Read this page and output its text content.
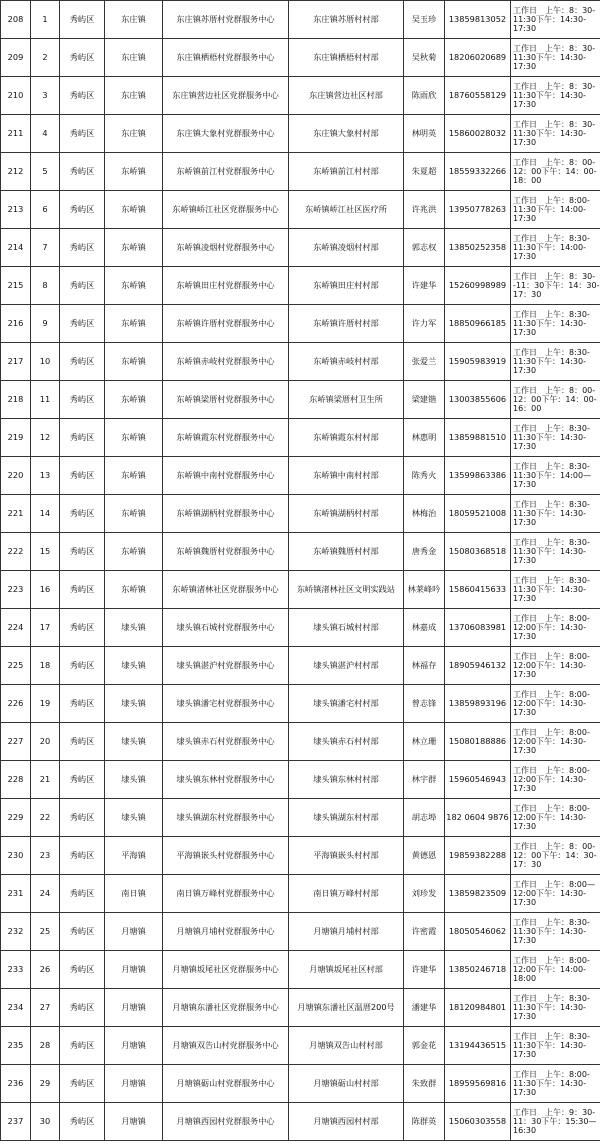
208	1	秀屿区	东庄镇	东庄镇苏厝村党群服务中心	东庄镇苏厝村村部	吴玉珍	13859813052	工作日　上午：8：30-11:30下午：14:30-17:30
209	2	秀屿区	东庄镇	东庄镇栖梧村党群服务中心	东庄镇栖梧村村部	吴秋菊	18206020689	工作日　上午：8：30-11:30下午：14:30-17:30
210	3	秀屿区	东庄镇	东庄镇营边社区党群服务中心	东庄镇营边社区村部	陈雨欣	18760558129	工作日　上午：8：30-11:30下午：14:30-17:30
211	4	秀屿区	东庄镇	东庄镇大象村党群服务中心	东庄镇大象村村部	林明英	15860028032	工作日　上午：8：30-11:30下午：14:30-17:30
212	5	秀屿区	东峤镇	东峤镇前江村党群服务中心	东峤镇前江村村部	朱夏超	18559332266	工作日　上午：8：00-12：00下午：14：00-18：00
213	6	秀屿区	东峤镇	东峤镇峤江社区党群服务中心	东峤镇峤江社区医疗所	许兆洪	13950778263	工作日　上午：8:00-11:30下午：14:00-17:30
214	7	秀屿区	东峤镇	东峤镇凌烟村党群服务中心	东峤镇凌烟村村部	郭志权	13850252358	工作日　上午：8:30-11:30下午：14:00-17:30
215	8	秀屿区	东峤镇	东峤镇田庄村党群服务中心	东峤镇田庄村村部	许建华	15260998989	工作日　上午：8：30--11：30下午：14：30-17：30
216	9	秀屿区	东峤镇	东峤镇许厝村党群服务中心	东峤镇许厝村村部	许力军	18850966185	工作日　上午：8:30-11:30下午：14:30-17:30
217	10	秀屿区	东峤镇	东峤镇赤岐村党群服务中心	东峤镇赤岐村村部	张爱兰	15905983919	工作日　上午：8:30-11:30下午：14:30-17:30
218	11	秀屿区	东峤镇	东峤镇梁厝村党群服务中心	东峤镇梁厝村卫生所	梁建锴	13003855606	工作日　上午：8：00-12：00下午：14：00-16：00
219	12	秀屿区	东峤镇	东峤镇霞东村党群服务中心	东峤镇霞东村村部	林惠明	13859881510	工作日　上午：8:30-11:30下午：14:30-17:30
220	13	秀屿区	东峤镇	东峤镇中南村党群服务中心	东峤镇中南村村部	陈秀火	13599863386	工作日　上午：8:30-11:30下午：14:00—17:30
221	14	秀屿区	东峤镇	东峤镇湖柄村党群服务中心	东峤镇湖柄村村部	林梅治	18059521008	工作日　上午：8:30-11:30下午：14:30-17:30
222	15	秀屿区	东峤镇	东峤镇魏厝村党群服务中心	东峤镇魏厝村村部	唐秀金	15080368518	工作日　上午：8:30-11:30下午：14:30-17:30
223	16	秀屿区	东峤镇	东峤镇渚林社区党群服务中心	东峤镇渚林社区文明实践站	林莱峰吟	15860415633	工作日　上午：8:30-11:30下午：14:30-17:30
224	17	秀屿区	埭头镇	埭头镇石城村党群服务中心	埭头镇石城村村部	林嘉成	13706083981	工作日　上午：8:00-12:00下午：14:30-17:30
225	18	秀屿区	埭头镇	埭头镇湛沪村党群服务中心	埭头镇湛沪村村部	林福存	18905946132	工作日　上午：8:00-12:00下午：14:30-17:30
226	19	秀屿区	埭头镇	埭头镇潘宅村党群服务中心	埭头镇潘宅村村部	曾志锋	13859893196	工作日　上午：8:00-12:00下午：14:30-17:30
227	20	秀屿区	埭头镇	埭头镇赤石村党群服务中心	埭头镇赤石村村部	林立珊	15080188886	工作日　上午：8:00-12:00下午：14:30-17:30
228	21	秀屿区	埭头镇	埭头镇东林村党群服务中心	埭头镇东林村村部	林宇群	15960546943	工作日　上午：8:00-12:00下午：14:30-17:30
229	22	秀屿区	埭头镇	埭头镇湖东村党群服务中心	埭头镇湖东村村部	胡志埠	182 0604 9876	工作日　上午：8:00-12:00下午：14:30-17:30
230	23	秀屿区	平海镇	平海镇嵌头村党群服务中心	平海镇嵌头村村部	黄德恩	19859382288	工作日　上午：8：00-12：00下午：14：30-17：30
231	24	秀屿区	南日镇	南日镇万峰村党群服务中心	南日镇万峰村村部	刘珍发	13859823509	工作日　上午：8:00—12:00下午：14:30-17:30
232	25	秀屿区	月塘镇	月塘镇月埔村党群服务中心	月塘镇月埔村村部	许密霞	18050546062	工作日　上午：8:30-11:30下午：14:30-17:30
233	26	秀屿区	月塘镇	月塘镇坂尾社区党群服务中心	月塘镇坂尾社区村部	许建华	13850246718	工作日　上午：8:00-12:00下午：14:00-18:00
234	27	秀屿区	月塘镇	月塘镇东潘社区党群服务中心	月塘镇东潘社区温厝200号	潘建华	18120984801	工作日　上午：8:30-11:30下午：14:30-17:30
235	28	秀屿区	月塘镇	月塘镇双告山村党群服务中心	月塘镇双告山村村部	郭金花	13194436515	工作日　上午：8:30-11:30下午：14:30-17:30
236	29	秀屿区	月塘镇	月塘镇砺山村党群服务中心	月塘镇砺山村村部	朱致群	18959569816	工作日　上午：8:00-11:30下午：14:30-17:30
237	30	秀屿区	月塘镇	月塘镇西园村党群服务中心	月塘镇西园村村部	陈群英	15060303558	工作日　上午：9：30-11：30下午：15:30—16:30
